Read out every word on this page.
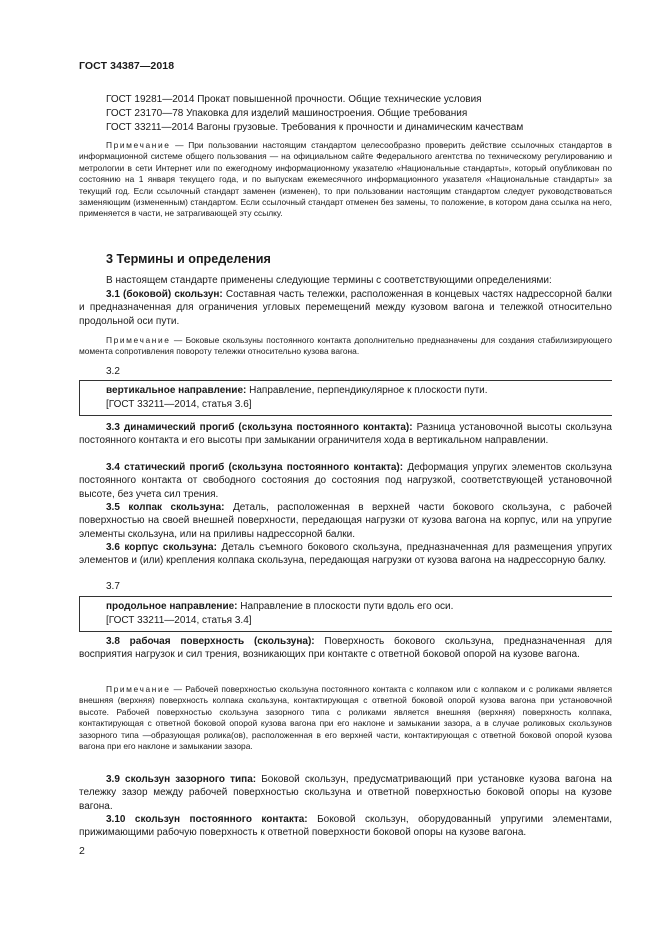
ГОСТ 34387—2018
ГОСТ 19281—2014 Прокат повышенной прочности. Общие технические условия
ГОСТ 23170—78 Упаковка для изделий машиностроения. Общие требования
ГОСТ 33211—2014 Вагоны грузовые. Требования к прочности и динамическим качествам
Примечание — При пользовании настоящим стандартом целесообразно проверить действие ссылочных стандартов в информационной системе общего пользования — на официальном сайте Федерального агентства по техническому регулированию и метрологии в сети Интернет или по ежегодному информационному указателю «Национальные стандарты», который опубликован по состоянию на 1 января текущего года, и по выпускам ежемесячного информационного указателя «Национальные стандарты» за текущий год. Если ссылочный стандарт заменен (изменен), то при пользовании настоящим стандартом следует руководствоваться заменяющим (измененным) стандартом. Если ссылочный стандарт отменен без замены, то положение, в котором дана ссылка на него, применяется в части, не затрагивающей эту ссылку.
3 Термины и определения
В настоящем стандарте применены следующие термины с соответствующими определениями:
3.1 (боковой) скользун: Составная часть тележки, расположенная в концевых частях надрессорной балки и предназначенная для ограничения угловых перемещений между кузовом вагона и тележкой относительно продольной оси пути.
Примечание — Боковые скользуны постоянного контакта дополнительно предназначены для создания стабилизирующего момента сопротивления повороту тележки относительно кузова вагона.
3.2
вертикальное направление: Направление, перпендикулярное к плоскости пути.
[ГОСТ 33211—2014, статья 3.6]
3.3 динамический прогиб (скользуна постоянного контакта): Разница установочной высоты скользуна постоянного контакта и его высоты при замыкании ограничителя хода в вертикальном направлении.
3.4 статический прогиб (скользуна постоянного контакта): Деформация упругих элементов скользуна постоянного контакта от свободного состояния до состояния под нагрузкой, соответствующей установочной высоте, без учета сил трения.
3.5 колпак скользуна: Деталь, расположенная в верхней части бокового скользуна, с рабочей поверхностью на своей внешней поверхности, передающая нагрузки от кузова вагона на корпус, или на упругие элементы скользуна, или на приливы надрессорной балки.
3.6 корпус скользуна: Деталь съемного бокового скользуна, предназначенная для размещения упругих элементов и (или) крепления колпака скользуна, передающая нагрузки от кузова вагона на надрессорную балку.
3.7
продольное направление: Направление в плоскости пути вдоль его оси.
[ГОСТ 33211—2014, статья 3.4]
3.8 рабочая поверхность (скользуна): Поверхность бокового скользуна, предназначенная для восприятия нагрузок и сил трения, возникающих при контакте с ответной боковой опорой на кузове вагона.
Примечание — Рабочей поверхностью скользуна постоянного контакта с колпаком или с колпаком и с роликами является внешняя (верхняя) поверхность колпака скользуна, контактирующая с ответной боковой опорой кузова вагона при установочной высоте. Рабочей поверхностью скользуна зазорного типа с роликами является внешняя (верхняя) поверхность колпака, контактирующая с ответной боковой опорой кузова вагона при его наклоне и замыкании зазора, а в случае роликовых скользунов зазорного типа —образующая ролика(ов), расположенная в его верхней части, контактирующая с ответной боковой опорой кузова вагона при его наклоне и замыкании зазора.
3.9 скользун зазорного типа: Боковой скользун, предусматривающий при установке кузова вагона на тележку зазор между рабочей поверхностью скользуна и ответной поверхностью боковой опоры на кузове вагона.
3.10 скользун постоянного контакта: Боковой скользун, оборудованный упругими элементами, прижимающими рабочую поверхность к ответной поверхности боковой опоры на кузове вагона.
2
